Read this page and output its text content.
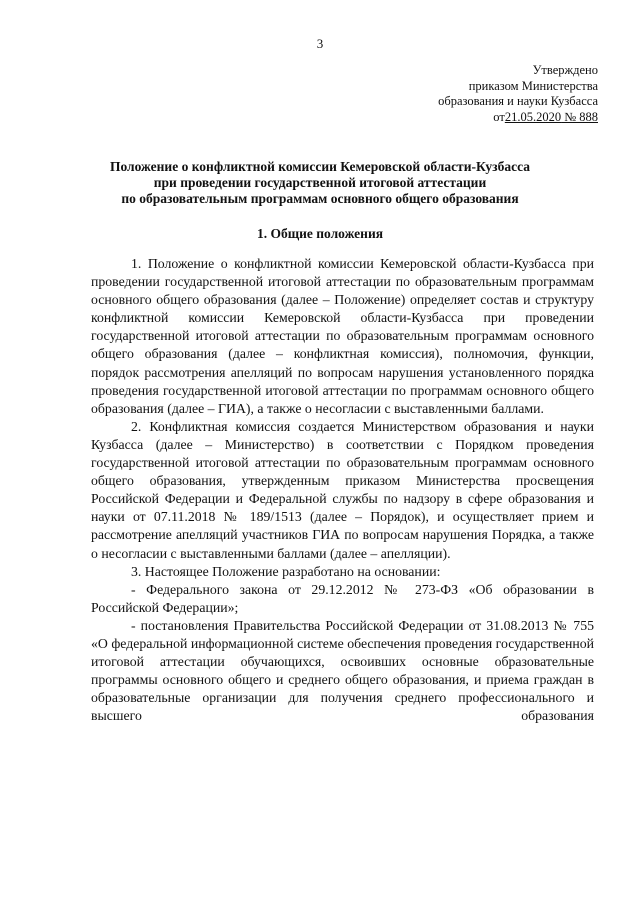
3
Утверждено
приказом Министерства
образования и науки Кузбасса
от21.05.2020 № 888
Положение о конфликтной комиссии Кемеровской области-Кузбасса
при проведении государственной итоговой аттестации
по образовательным программам основного общего образования
1. Общие положения

1. Положение о конфликтной комиссии Кемеровской области-Кузбасса при проведении государственной итоговой аттестации по образовательным программам основного общего образования (далее – Положение) определяет состав и структуру конфликтной комиссии Кемеровской области-Кузбасса при проведении государственной итоговой аттестации по образовательным программам основного общего образования (далее – конфликтная комиссия), полномочия, функции, порядок рассмотрения апелляций по вопросам нарушения установленного порядка проведения государственной итоговой аттестации по программам основного общего образования (далее – ГИА), а также о несогласии с выставленными баллами.

2. Конфликтная комиссия создается Министерством образования и науки Кузбасса (далее – Министерство) в соответствии с Порядком проведения государственной итоговой аттестации по образовательным программам основного общего образования, утвержденным приказом Министерства просвещения Российской Федерации и Федеральной службы по надзору в сфере образования и науки от 07.11.2018 № 189/1513 (далее – Порядок), и осуществляет прием и рассмотрение апелляций участников ГИА по вопросам нарушения Порядка, а также о несогласии с выставленными баллами (далее – апелляции).

3. Настоящее Положение разработано на основании:

- Федерального закона от 29.12.2012 № 273-ФЗ «Об образовании в Российской Федерации»;

- постановления Правительства Российской Федерации от 31.08.2013 № 755 «О федеральной информационной системе обеспечения проведения государственной итоговой аттестации обучающихся, освоивших основные образовательные программы основного общего и среднего общего образования, и приема граждан в образовательные организации для получения среднего профессионального и высшего образования
